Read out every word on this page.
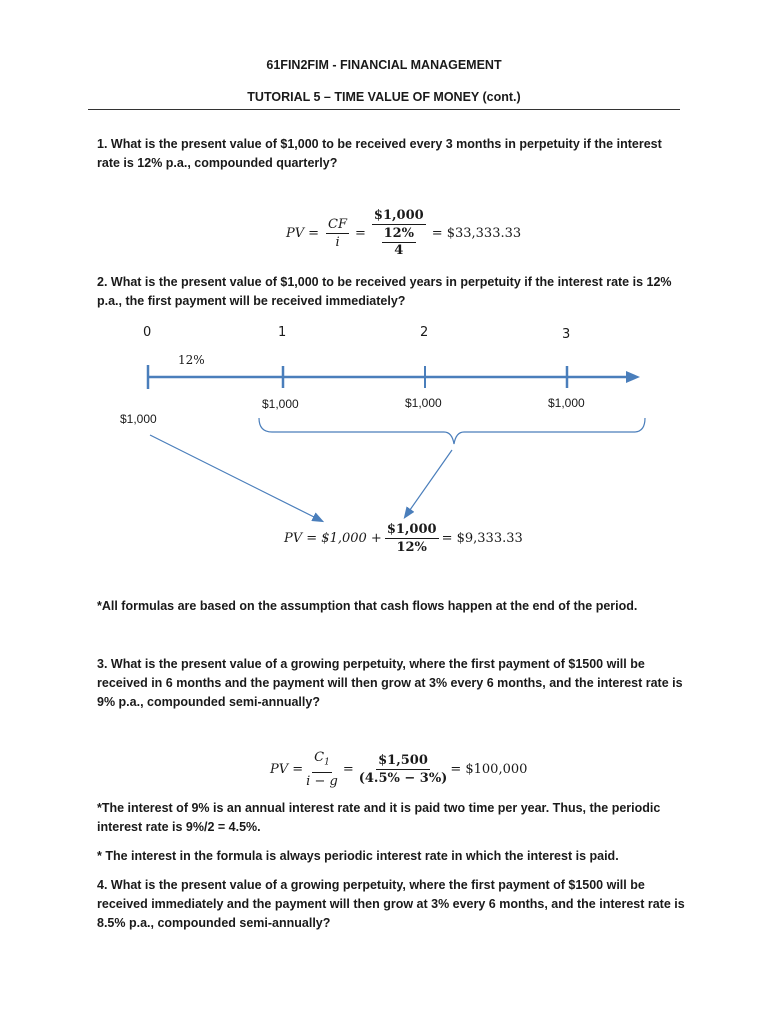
61FIN2FIM - FINANCIAL MANAGEMENT
TUTORIAL 5 – TIME VALUE OF MONEY (cont.)
1. What is the present value of $1,000 to be received every 3 months in perpetuity if the interest rate is 12% p.a., compounded quarterly?
PV = $\frac{CF}{i}$ = $1,000
12%
4 = $33,333.33
2. What is the present value of $1,000 to be received years in perpetuity if the interest rate is 12% p.a., the first payment will be received immediately?
0	1	2	3
12%
$1,000
$1,000	$1,000	$1,000
PV = $1,000 + $\frac{\$1,000}{12\%}$ = $9,333.33
*All formulas are based on the assumption that cash flows happen at the end of the period.
3. What is the present value of a growing perpetuity, where the first payment of $1500 will be received in 6 months and the payment will then grow at 3% every 6 months, and the interest rate is 9% p.a., compounded semi-annually?
PV = $\frac{C_1}{i - g} = \frac{\$1,500}{(4.5\% - 3\%)}$ = $100,000
*The interest of 9% is an annual interest rate and it is paid two time per year. Thus, the periodic interest rate is 9%/2 = 4.5%.
* The interest in the formula is always periodic interest rate in which the interest is paid.
4. What is the present value of a growing perpetuity, where the first payment of $1500 will be received immediately and the payment will then grow at 3% every 6 months, and the interest rate is 8.5% p.a., compounded semi-annually?
